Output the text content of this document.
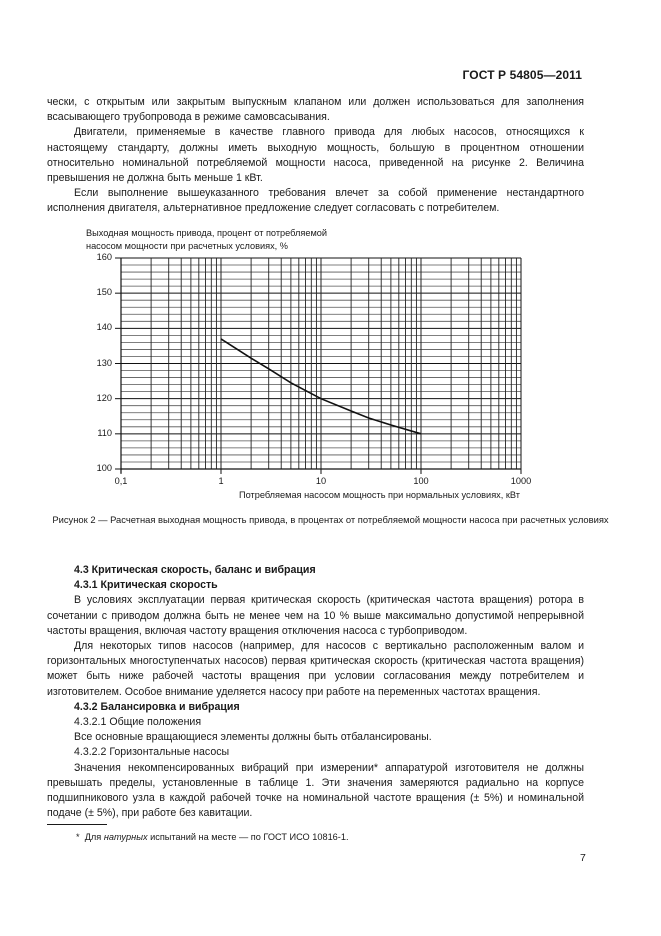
ГОСТ Р 54805—2011

чески, с открытым или закрытым выпускным клапаном или должен использоваться для заполнения всасывающего трубопровода в режиме самовсасывания.

Двигатели, применяемые в качестве главного привода для любых насосов, относящихся к настоящему стандарту, должны иметь выходную мощность, большую в процентном отношении относительно номинальной потребляемой мощности насоса, приведенной на рисунке 2. Величина превышения не должна быть меньше 1 кВт.

Если выполнение вышеуказанного требования влечет за собой применение нестандартного исполнения двигателя, альтернативное предложение следует согласовать с потребителем.

Выходная мощность привода, процент от потребляемой
насосом мощности при расчетных условиях, %
100
110
120
130
140
150
160
0,1	1	10	100	1000
Потребляемая насосом мощность при нормальных условиях, кВт
Рисунок 2 — Расчетная выходная мощность привода, в процентах от потребляемой мощности насоса при расчетных условиях

4.3 Критическая скорость, баланс и вибрация

4.3.1 Критическая скорость

В условиях эксплуатации первая критическая скорость (критическая частота вращения) ротора в сочетании с приводом должна быть не менее чем на 10 % выше максимально допустимой непрерывной частоты вращения, включая частоту вращения отключения насоса с турбоприводом.

Для некоторых типов насосов (например, для насосов с вертикально расположенным валом и горизонтальных многоступенчатых насосов) первая критическая скорость (критическая частота вращения) может быть ниже рабочей частоты вращения при условии согласования между потребителем и изготовителем. Особое внимание уделяется насосу при работе на переменных частотах вращения.

4.3.2 Балансировка и вибрация

4.3.2.1 Общие положения

Все основные вращающиеся элементы должны быть отбалансированы.

4.3.2.2 Горизонтальные насосы

Значения некомпенсированных вибраций при измерении* аппаратурой изготовителя не должны превышать пределы, установленные в таблице 1. Эти значения замеряются радиально на корпусе подшипникового узла в каждой рабочей точке на номинальной частоте вращения (± 5%) и номинальной подаче (± 5%), при работе без кавитации.

* Для натурных испытаний на месте — по ГОСТ ИСО 10816-1.
7
